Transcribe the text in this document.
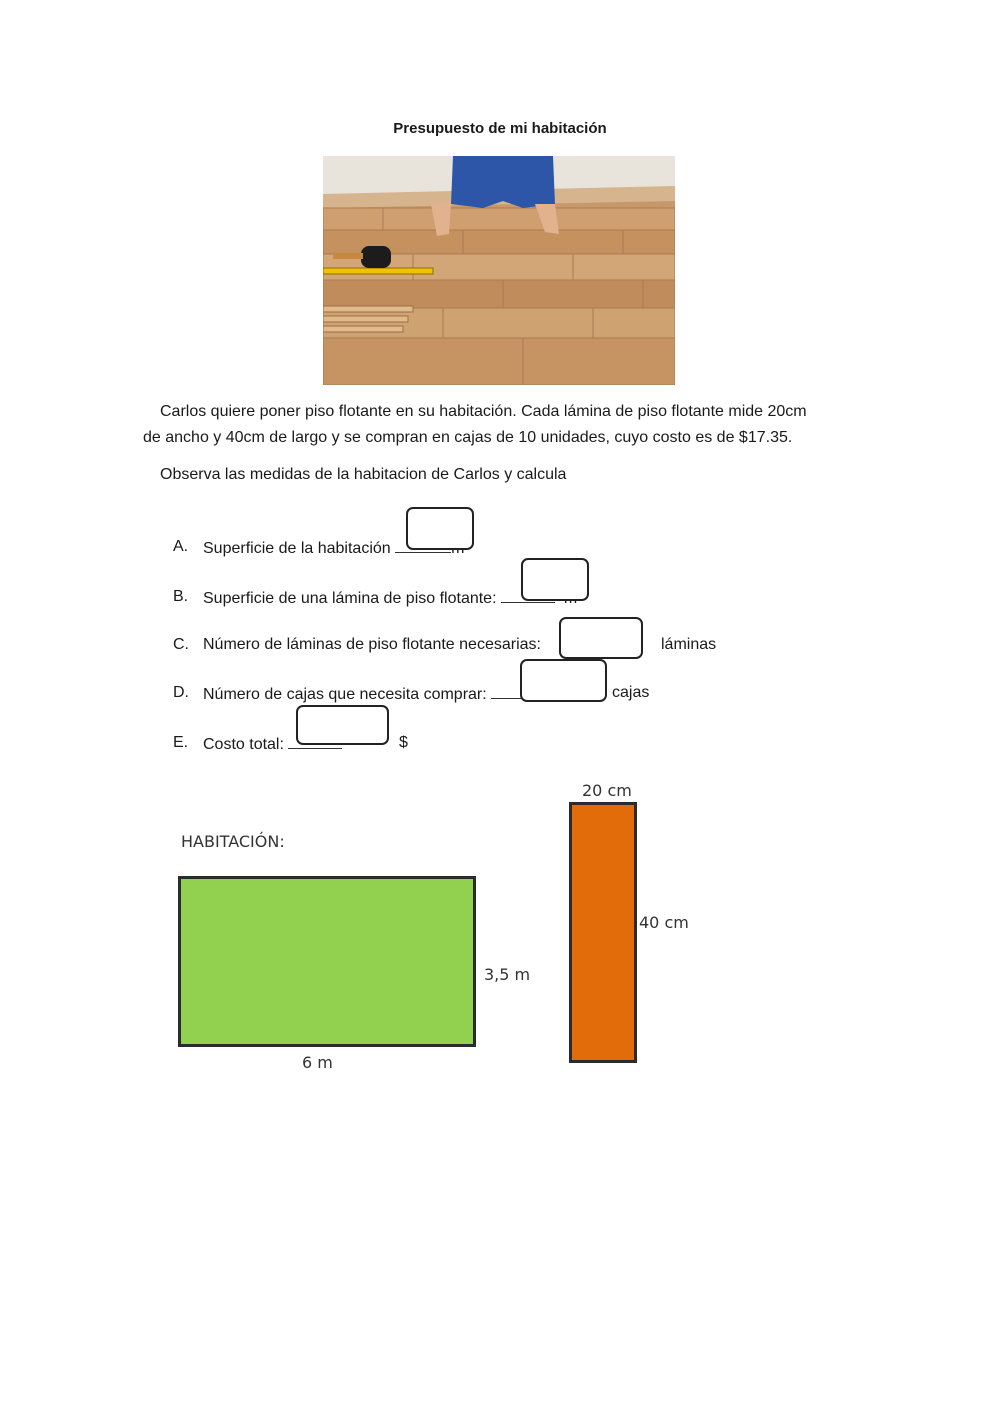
Presupuesto de mi habitación
Carlos quiere poner piso flotante en su habitación. Cada lámina de piso flotante mide 20cm
de ancho y 40cm de largo y se compran en cajas de 10 unidades, cuyo costo es de $17.35.
Observa las medidas de la habitacion de Carlos y calcula
A. Superficie de la habitación
B. Superficie de una lámina de piso flotante:
C. Número de láminas de piso flotante necesarias:	láminas
D. Número de cajas que necesita comprar:	cajas
E. Costo total:	$
HABITACIÓN:
3,5 m
6 m
20 cm
40 cm
